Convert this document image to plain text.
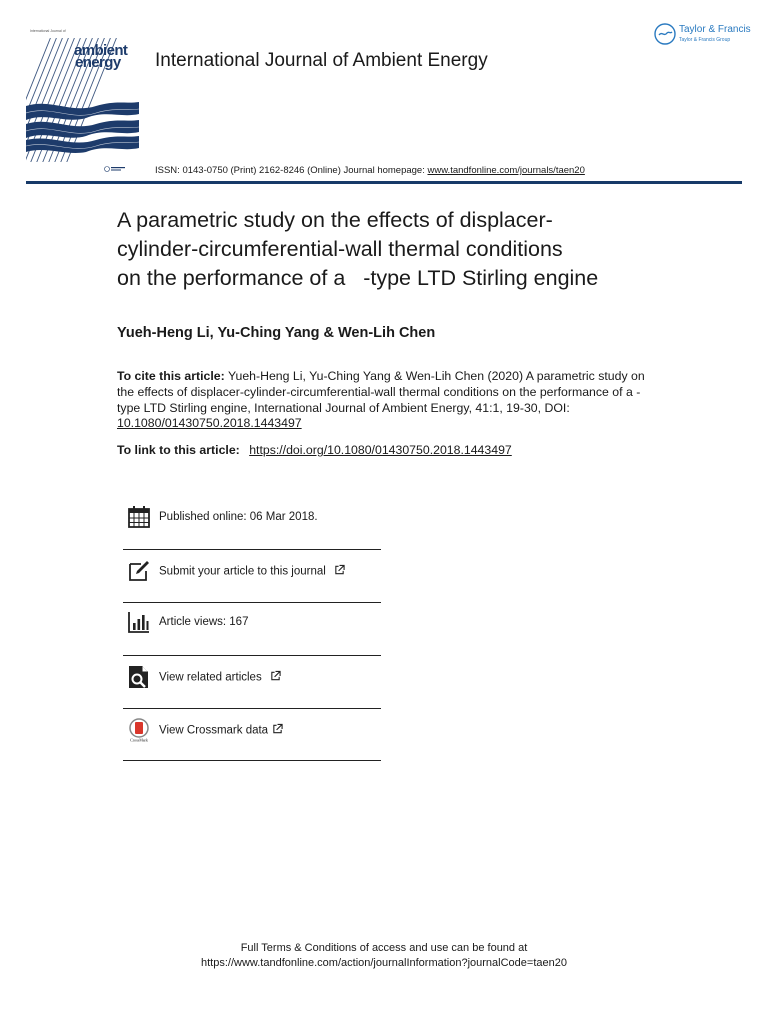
International Journal of
ambient
energy International Journal of Ambient Energy
Taylor & Francis
Taylor & Francis Group
ISSN: 0143-0750 (Print) 2162-8246 (Online) Journal homepage: www.tandfonline.com/journals/taen20
A parametric study on the effects of displacer-
cylinder-circumferential-wall thermal conditions
on the performance of a   -type LTD Stirling engine
Yueh-Heng Li, Yu-Ching Yang & Wen-Lih Chen
To cite this article: Yueh-Heng Li, Yu-Ching Yang & Wen-Lih Chen (2020) A parametric study on the effects of displacer-cylinder-circumferential-wall thermal conditions on the performance of a -type LTD Stirling engine, International Journal of Ambient Energy, 41:1, 19-30, DOI: 10.1080/01430750.2018.1443497
To link to this article: https://doi.org/10.1080/01430750.2018.1443497
Published online: 06 Mar 2018.
Submit your article to this journal
Article views: 167
View related articles
CrossMark
View Crossmark data
Full Terms & Conditions of access and use can be found at
https://www.tandfonline.com/action/journalInformation?journalCode=taen20
